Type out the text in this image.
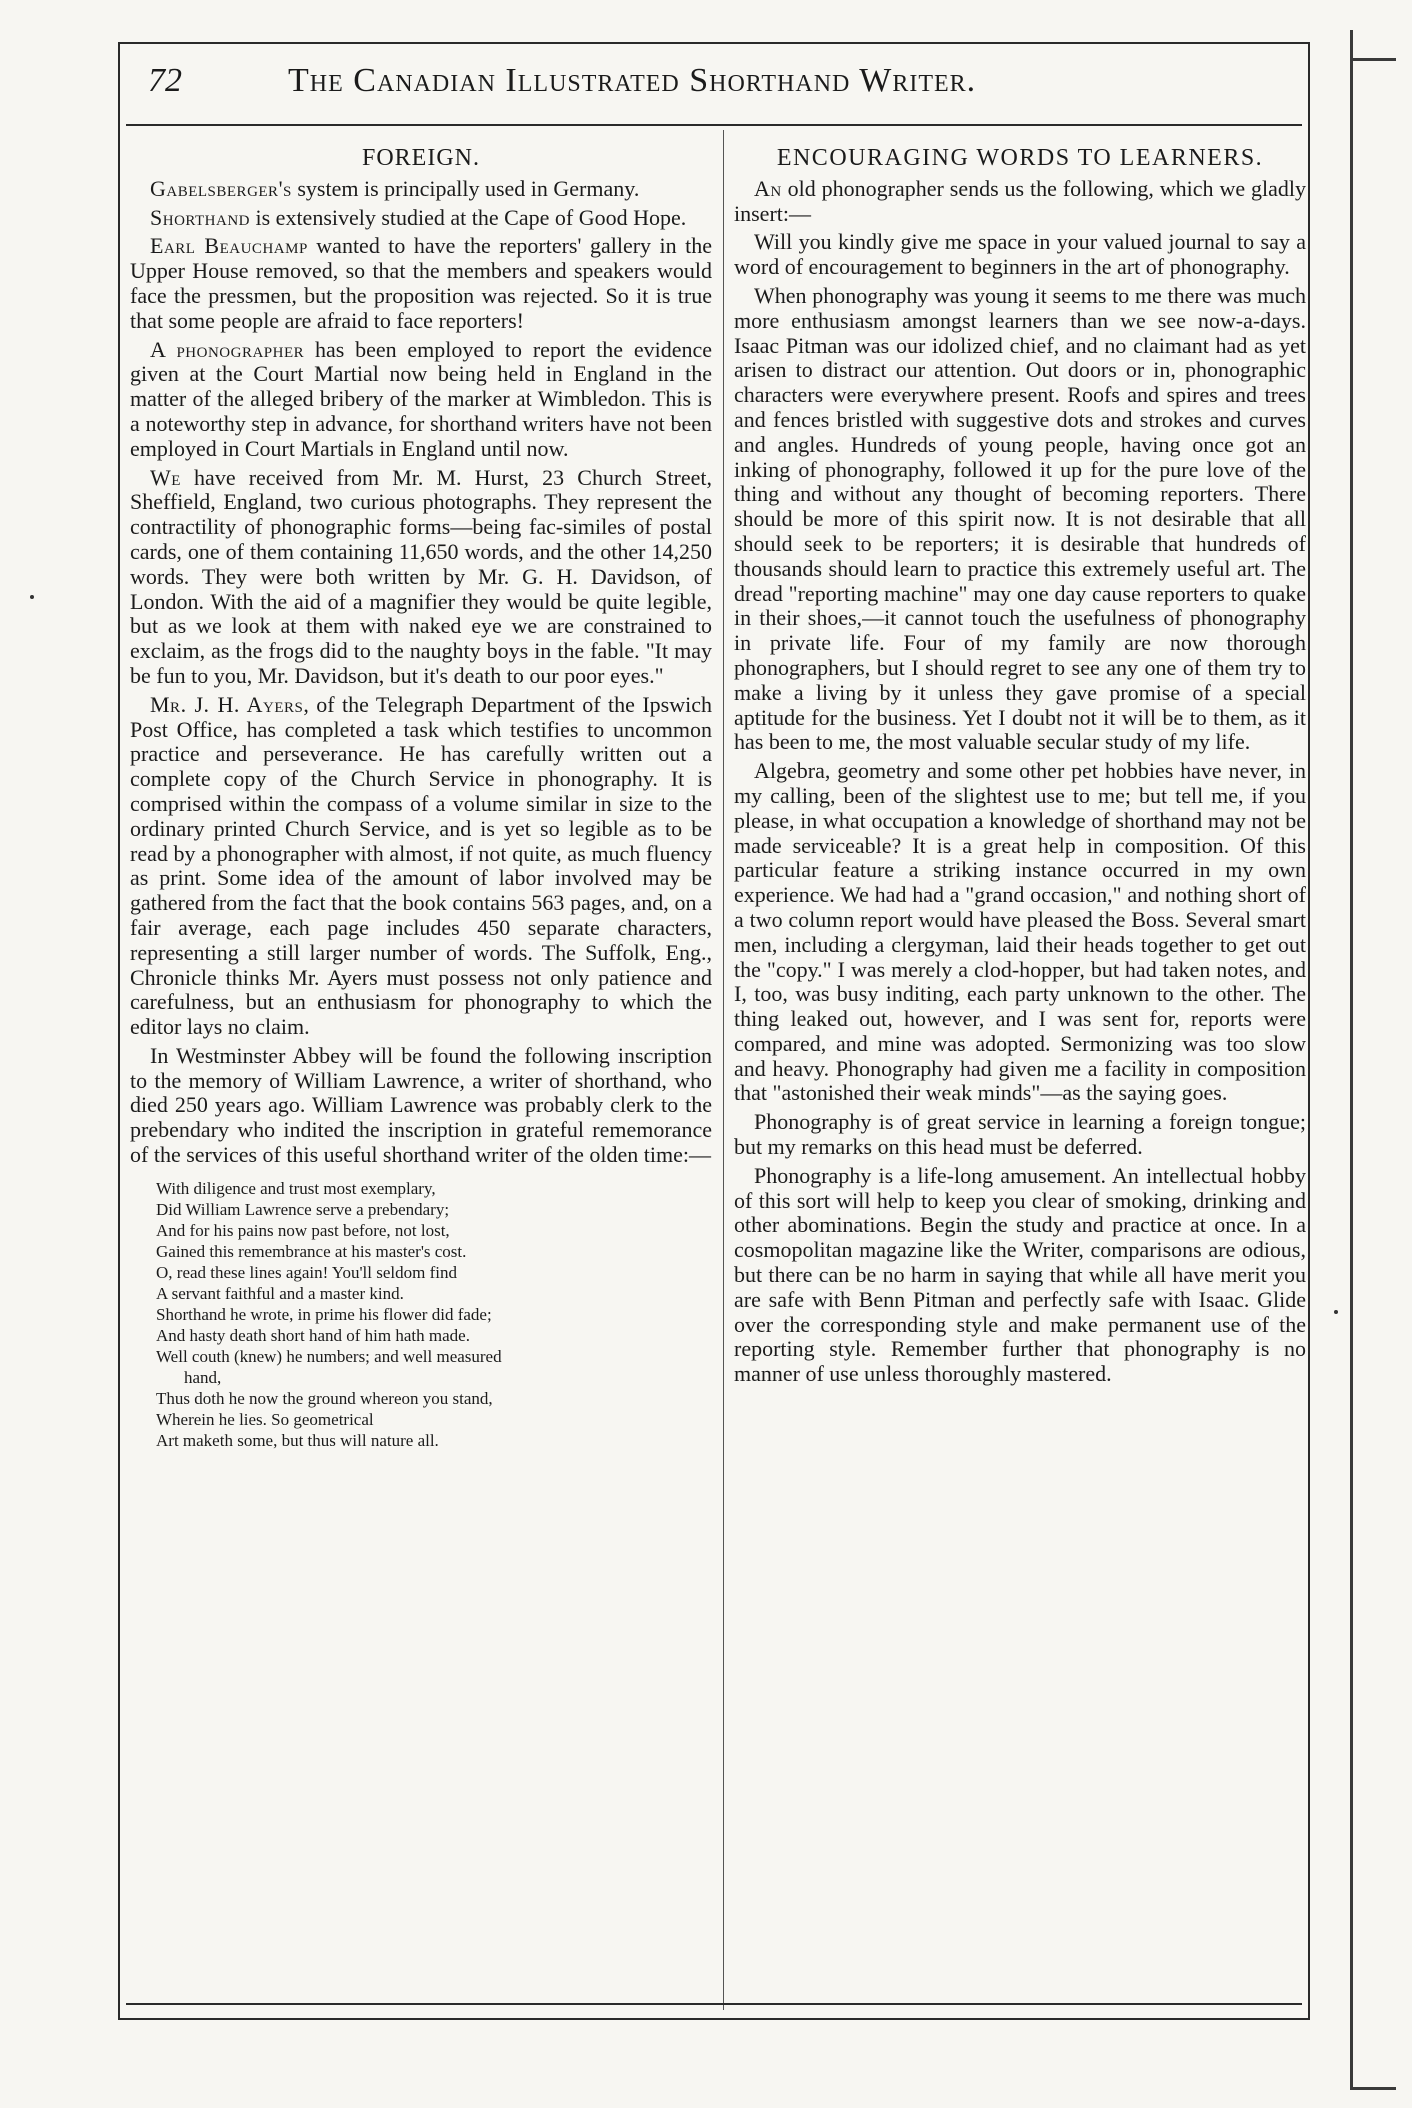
72	The Canadian Illustrated Shorthand Writer.
FOREIGN.

Gabelsberger's system is principally used in Germany.

Shorthand is extensively studied at the Cape of Good Hope.

Earl Beauchamp wanted to have the reporters' gallery in the Upper House removed, so that the members and speakers would face the pressmen, but the proposition was rejected. So it is true that some people are afraid to face reporters!

A phonographer has been employed to report the evidence given at the Court Martial now being held in England in the matter of the alleged bribery of the marker at Wimbledon. This is a noteworthy step in advance, for shorthand writers have not been employed in Court Martials in England until now.

We have received from Mr. M. Hurst, 23 Church Street, Sheffield, England, two curious photographs. They represent the contractility of phonographic forms—being fac-similes of postal cards, one of them containing 11,650 words, and the other 14,250 words. They were both written by Mr. G. H. Davidson, of London. With the aid of a magnifier they would be quite legible, but as we look at them with naked eye we are constrained to exclaim, as the frogs did to the naughty boys in the fable. "It may be fun to you, Mr. Davidson, but it's death to our poor eyes."

Mr. J. H. Ayers, of the Telegraph Department of the Ipswich Post Office, has completed a task which testifies to uncommon practice and perseverance. He has carefully written out a complete copy of the Church Service in phonography. It is comprised within the compass of a volume similar in size to the ordinary printed Church Service, and is yet so legible as to be read by a phonographer with almost, if not quite, as much fluency as print. Some idea of the amount of labor involved may be gathered from the fact that the book contains 563 pages, and, on a fair average, each page includes 450 separate characters, representing a still larger number of words. The Suffolk, Eng., Chronicle thinks Mr. Ayers must possess not only patience and carefulness, but an enthusiasm for phonography to which the editor lays no claim.

In Westminster Abbey will be found the following inscription to the memory of William Lawrence, a writer of shorthand, who died 250 years ago. William Lawrence was probably clerk to the prebendary who indited the inscription in grateful rememorance of the services of this useful shorthand writer of the olden time:—

With diligence and trust most exemplary,
Did William Lawrence serve a prebendary;
And for his pains now past before, not lost,
Gained this remembrance at his master's cost.
O, read these lines again! You'll seldom find
A servant faithful and a master kind.
Shorthand he wrote, in prime his flower did fade;
And hasty death short hand of him hath made.
Well couth (knew) he numbers; and well measured
hand,
Thus doth he now the ground whereon you stand,
Wherein he lies. So geometrical
Art maketh some, but thus will nature all.
ENCOURAGING WORDS TO LEARNERS.

An old phonographer sends us the following, which we gladly insert:—

Will you kindly give me space in your valued journal to say a word of encouragement to beginners in the art of phonography.

When phonography was young it seems to me there was much more enthusiasm amongst learners than we see now-a-days. Isaac Pitman was our idolized chief, and no claimant had as yet arisen to distract our attention. Out doors or in, phonographic characters were everywhere present. Roofs and spires and trees and fences bristled with suggestive dots and strokes and curves and angles. Hundreds of young people, having once got an inking of phonography, followed it up for the pure love of the thing and without any thought of becoming reporters. There should be more of this spirit now. It is not desirable that all should seek to be reporters; it is desirable that hundreds of thousands should learn to practice this extremely useful art. The dread "reporting machine" may one day cause reporters to quake in their shoes,—it cannot touch the usefulness of phonography in private life. Four of my family are now thorough phonographers, but I should regret to see any one of them try to make a living by it unless they gave promise of a special aptitude for the business. Yet I doubt not it will be to them, as it has been to me, the most valuable secular study of my life.

Algebra, geometry and some other pet hobbies have never, in my calling, been of the slightest use to me; but tell me, if you please, in what occupation a knowledge of shorthand may not be made serviceable? It is a great help in composition. Of this particular feature a striking instance occurred in my own experience. We had had a "grand occasion," and nothing short of a two column report would have pleased the Boss. Several smart men, including a clergyman, laid their heads together to get out the "copy." I was merely a clod-hopper, but had taken notes, and I, too, was busy inditing, each party unknown to the other. The thing leaked out, however, and I was sent for, reports were compared, and mine was adopted. Sermonizing was too slow and heavy. Phonography had given me a facility in composition that "astonished their weak minds"—as the saying goes.

Phonography is of great service in learning a foreign tongue; but my remarks on this head must be deferred.

Phonography is a life-long amusement. An intellectual hobby of this sort will help to keep you clear of smoking, drinking and other abominations. Begin the study and practice at once. In a cosmopolitan magazine like the Writer, comparisons are odious, but there can be no harm in saying that while all have merit you are safe with Benn Pitman and perfectly safe with Isaac. Glide over the corresponding style and make permanent use of the reporting style. Remember further that phonography is no manner of use unless thoroughly mastered.
